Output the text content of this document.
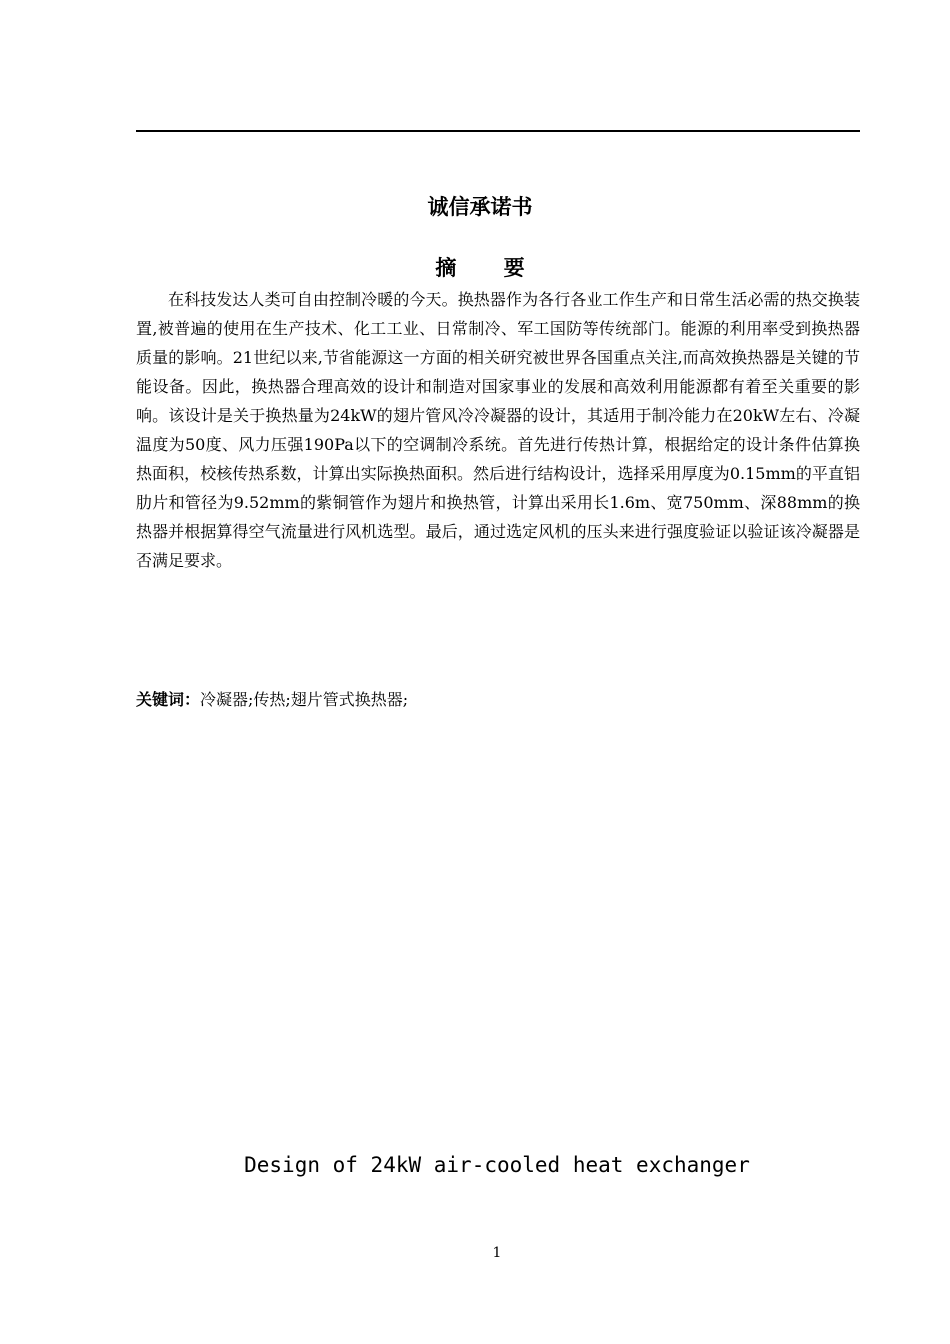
诚信承诺书
摘 要

在科技发达人类可自由控制冷暖的今天。换热器作为各行各业工作生产和日常生活必需的热交换装置,被普遍的使用在生产技术、化工工业、日常制冷、军工国防等传统部门。能源的利用率受到换热器质量的影响。21世纪以来,节省能源这一方面的相关研究被世界各国重点关注,而高效换热器是关键的节能设备。因此，换热器合理高效的设计和制造对国家事业的发展和高效利用能源都有着至关重要的影响。该设计是关于换热量为24kW的翅片管风冷冷凝器的设计，其适用于制冷能力在20kW左右、冷凝温度为50度、风力压强190Pa以下的空调制冷系统。首先进行传热计算，根据给定的设计条件估算换热面积，校核传热系数，计算出实际换热面积。然后进行结构设计，选择采用厚度为0.15mm的平直铝肋片和管径为9.52mm的紫铜管作为翅片和换热管，计算出采用长1.6m、宽750mm、深88mm的换热器并根据算得空气流量进行风机选型。最后，通过选定风机的压头来进行强度验证以验证该冷凝器是否满足要求。

关键词：冷凝器;传热;翅片管式换热器;
Design of 24kW air-cooled heat exchanger
1
